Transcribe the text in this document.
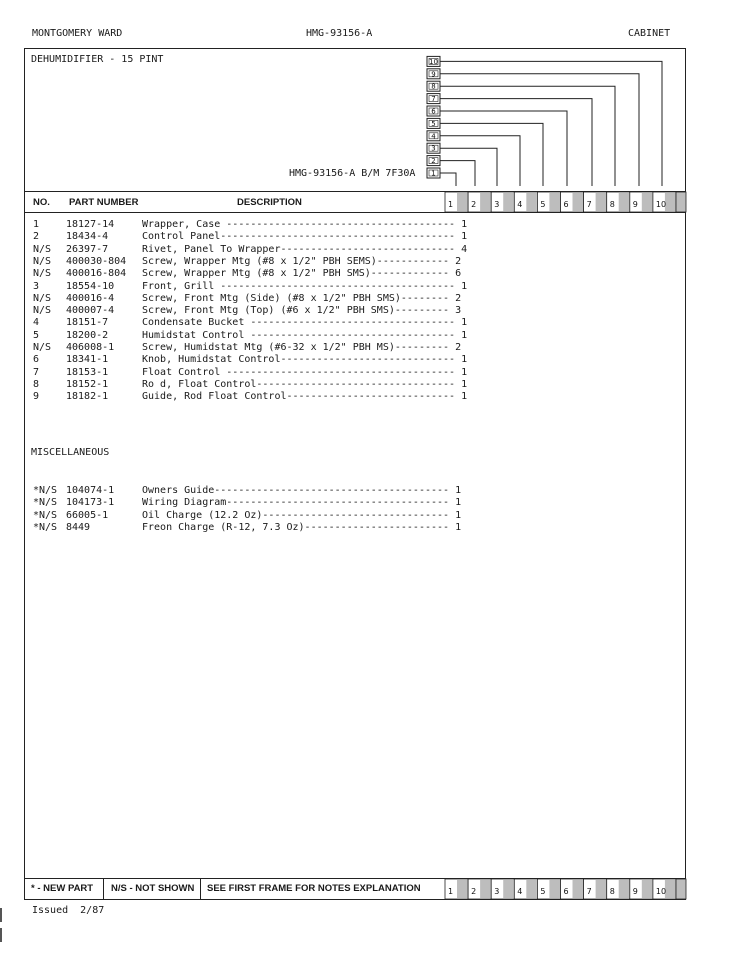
MONTGOMERY WARD	HMG-93156-A	CABINET
DEHUMIDIFIER - 15 PINT
HMG-93156-A B/M 7F30A 1
2
3
4
5
6
7
8
9
10
NO. PART NUMBER	DESCRIPTION	1 2 3 4 5 6 7 8 9 10
1	18127-14	Wrapper, Case -------------------------------------- 1
2	18434-4	Control Panel--------------------------------------- 1
N/S 26397-7	Rivet, Panel To Wrapper----------------------------- 4
N/S 400030-804 Screw, Wrapper Mtg (#8 x 1/2" PBH SEMS)------------ 2
N/S 400016-804 Screw, Wrapper Mtg (#8 x 1/2" PBH SMS)------------- 6
3	18554-10	Front, Grill --------------------------------------- 1
N/S 400016-4	Screw, Front Mtg (Side) (#8 x 1/2" PBH SMS)-------- 2
N/S 400007-4	Screw, Front Mtg (Top) (#6 x 1/2" PBH SMS)--------- 3
4	18151-7	Condensate Bucket ---------------------------------- 1
5	18200-2	Humidstat Control ---------------------------------- 1
N/S 406008-1	Screw, Humidstat Mtg (#6-32 x 1/2" PBH MS)--------- 2
6	18341-1	Knob, Humidstat Control----------------------------- 1
7	18153-1	Float Control -------------------------------------- 1
8	18152-1	Ro d, Float Control--------------------------------- 1
9	18182-1	Guide, Rod Float Control---------------------------- 1
*N/S 104074-1	Owners Guide--------------------------------------- 1
*N/S 104173-1	Wiring Diagram------------------------------------- 1
*N/S 66005-1	Oil Charge (12.2 Oz)------------------------------- 1
*N/S 8449	Freon Charge (R-12, 7.3 Oz)------------------------ 1
MISCELLANEOUS
* - NEW PART N/S - NOT SHOWN SEE FIRST FRAME FOR NOTES EXPLANATION	1 2 3 4 5 6 7 8 9 10
Issued  2/87
